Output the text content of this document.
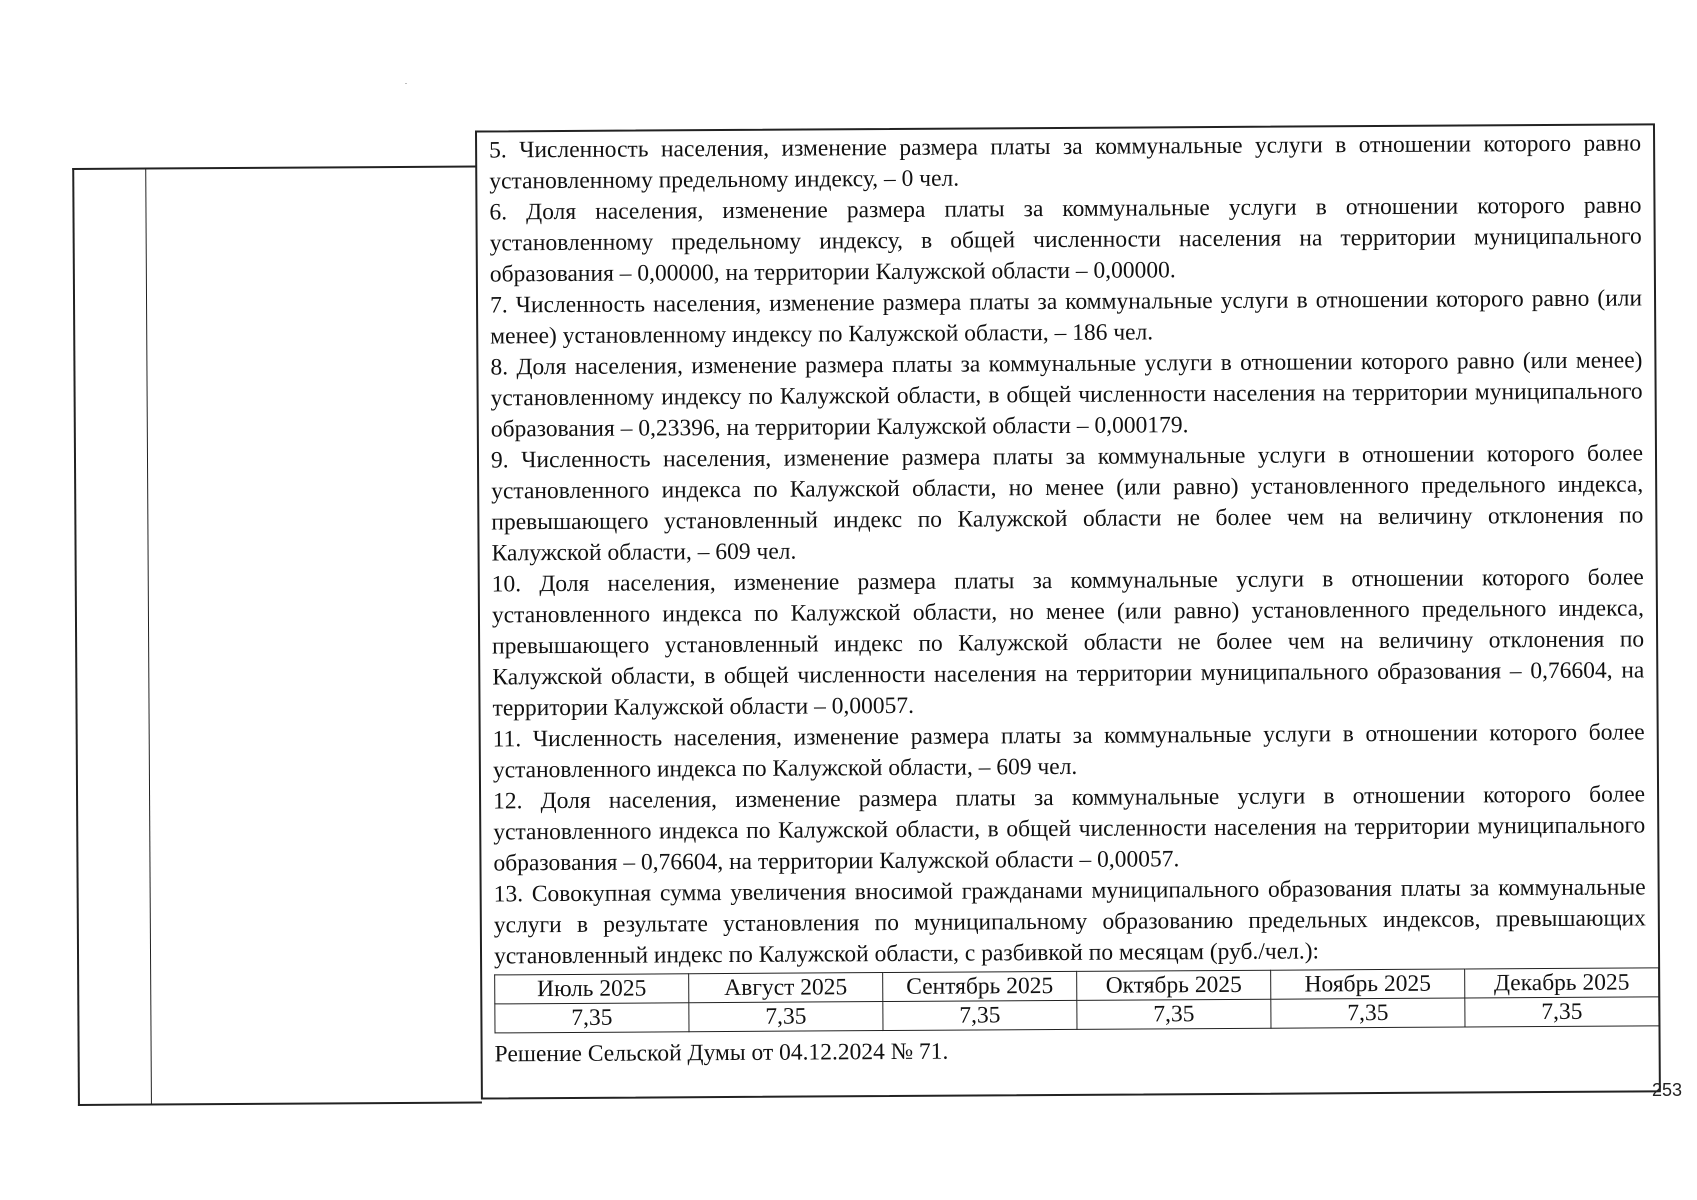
5. Численность населения, изменение размера платы за коммунальные услуги в отношении которого равно установленному предельному индексу, – 0 чел.

6. Доля населения, изменение размера платы за коммунальные услуги в отношении которого равно установленному предельному индексу, в общей численности населения на территории муниципального образования – 0,00000, на территории Калужской области – 0,00000.

7. Численность населения, изменение размера платы за коммунальные услуги в отношении которого равно (или менее) установленному индексу по Калужской области, – 186 чел.

8. Доля населения, изменение размера платы за коммунальные услуги в отношении которого равно (или менее) установленному индексу по Калужской области, в общей численности населения на территории муниципального образования – 0,23396, на территории Калужской области – 0,000179.

9. Численность населения, изменение размера платы за коммунальные услуги в отношении которого более установленного индекса по Калужской области, но менее (или равно) установленного предельного индекса, превышающего установленный индекс по Калужской области не более чем на величину отклонения по Калужской области, – 609 чел.

10. Доля населения, изменение размера платы за коммунальные услуги в отношении которого более установленного индекса по Калужской области, но менее (или равно) установленного предельного индекса, превышающего установленный индекс по Калужской области не более чем на величину отклонения по Калужской области, в общей численности населения на территории муниципального образования – 0,76604, на территории Калужской области – 0,00057.

11. Численность населения, изменение размера платы за коммунальные услуги в отношении которого более установленного индекса по Калужской области, – 609 чел.

12. Доля населения, изменение размера платы за коммунальные услуги в отношении которого более установленного индекса по Калужской области, в общей численности населения на территории муниципального образования – 0,76604, на территории Калужской области – 0,00057.

13. Совокупная сумма увеличения вносимой гражданами муниципального образования платы за коммунальные услуги в результате установления по муниципальному образованию предельных индексов, превышающих установленный индекс по Калужской области, с разбивкой по месяцам (руб./чел.):

Июль 2025	Август 2025	Сентябрь 2025	Октябрь 2025	Ноябрь 2025	Декабрь 2025
7,35	7,35	7,35	7,35	7,35	7,35

Решение Сельской Думы от 04.12.2024 № 71.

253
